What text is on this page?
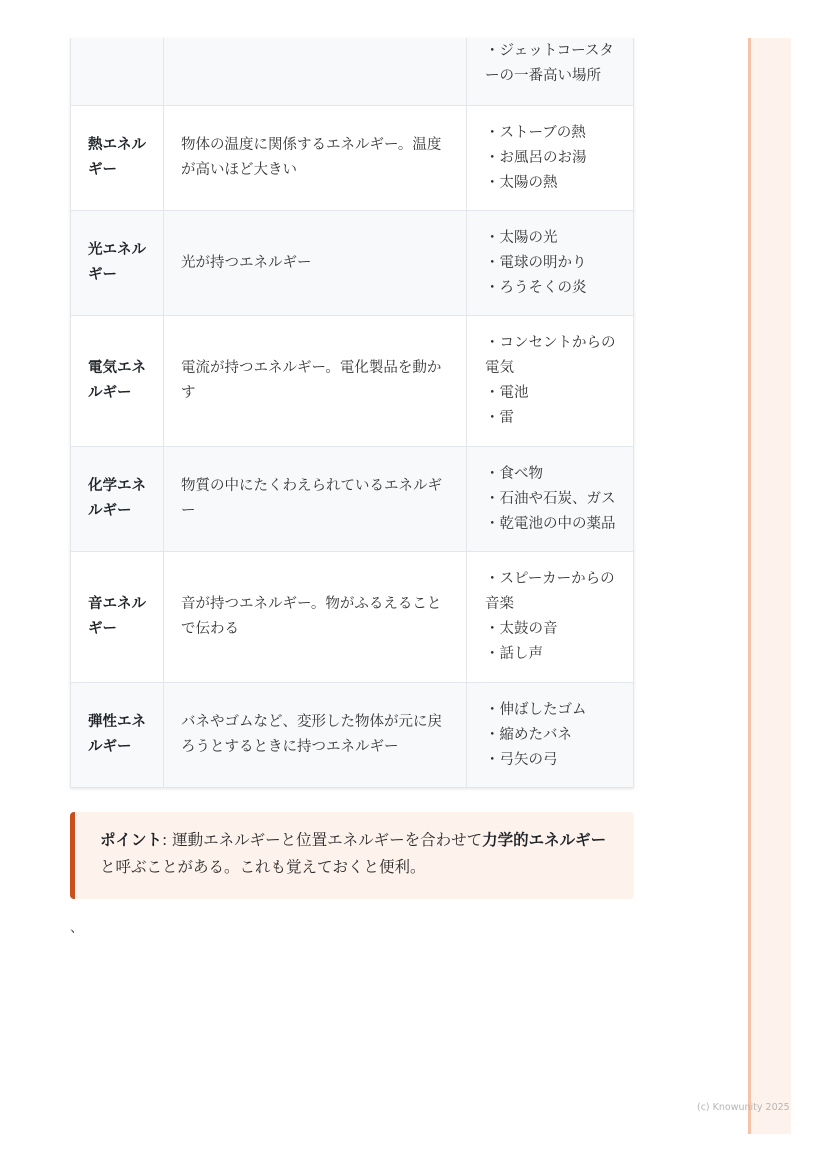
・ジェットコースタ
ーの一番高い場所
熱エネルギー
物体の温度に関係するエネルギー。温度が高いほど大きい
・ストーブの熱
・お風呂のお湯
・太陽の熱
光エネルギー
光が持つエネルギー
・太陽の光
・電球の明かり
・ろうそくの炎
電気エネルギー
電流が持つエネルギー。電化製品を動かす
・コンセントからの
電気
・電池
・雷
化学エネルギー
物質の中にたくわえられているエネルギー
・食べ物
・石油や石炭、ガス
・乾電池の中の薬品
音エネルギー
音が持つエネルギー。物がふるえることで伝わる
・スピーカーからの
音楽
・太鼓の音
・話し声
弾性エネルギー
バネやゴムなど、変形した物体が元に戻ろうとするときに持つエネルギー
・伸ばしたゴム
・縮めたバネ
・弓矢の弓
ポイント: 運動エネルギーと位置エネルギーを合わせて力学的エネルギーと呼ぶことがある。これも覚えておくと便利。
、
(c) Knowunity 2025
